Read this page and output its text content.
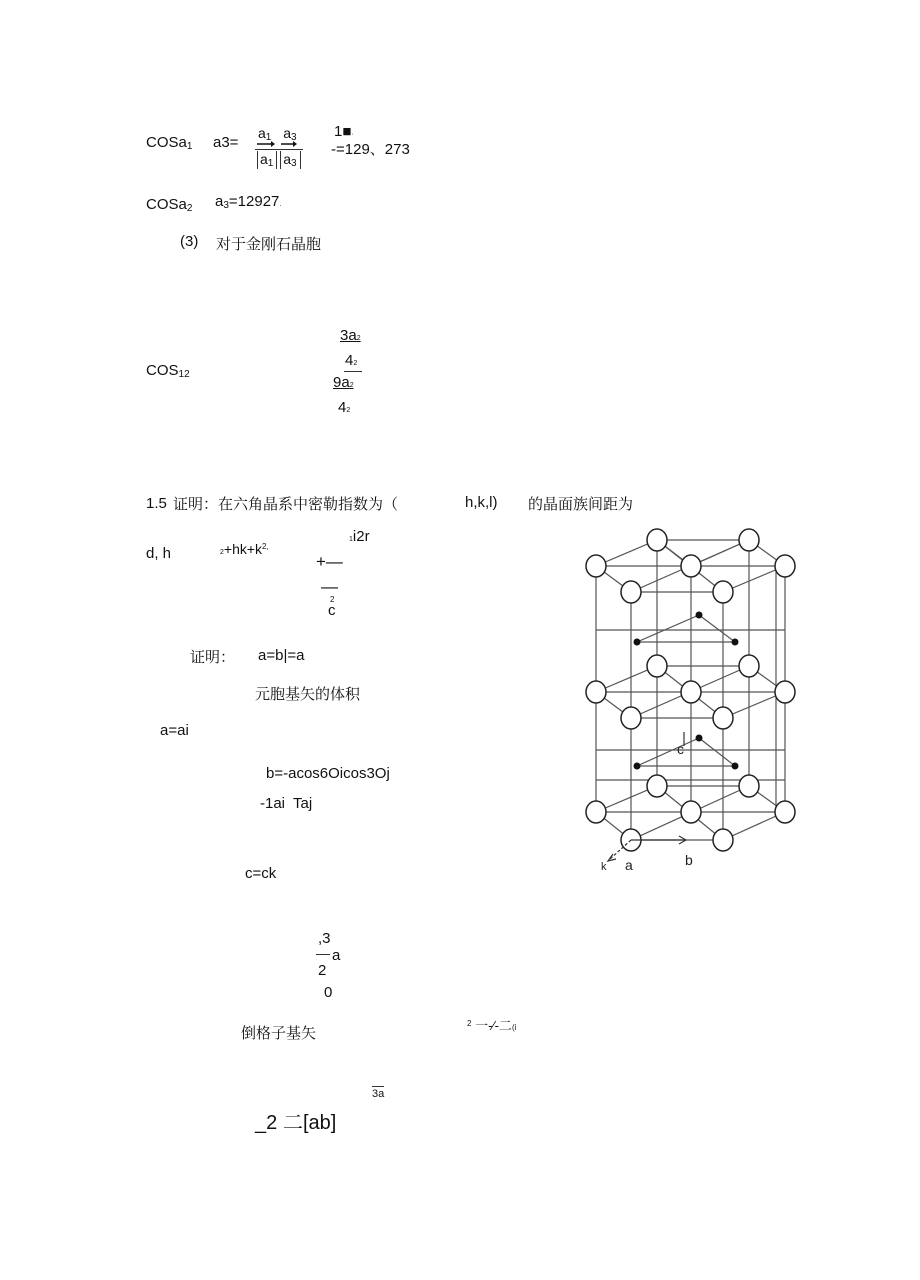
COSa$_1$ a3=
$a_1$ $a_3$
$a_1$ $a_3$
1■·
-=129、273
COSa$_2$ $a_3=12927$.
(3) 对于金刚石晶胞
$COS_{12}$
3a2
42
9a2
42
1.5 证明：在六角晶系中密勒指数为（	h,k,l) 的晶面族间距为
d, h	$2+hk+k^2'$
1i2r
+—
—
2
c
证明： a=b|=a
元胞基矢的体积
a=ai
b=-acos6Oicos3Oj
-1ai Taj
c=ck
,3
a
2
0
倒格子基矢
$^2$ 一-⁄-二(i
3a
_2 二[ab]
c
a	b
k
